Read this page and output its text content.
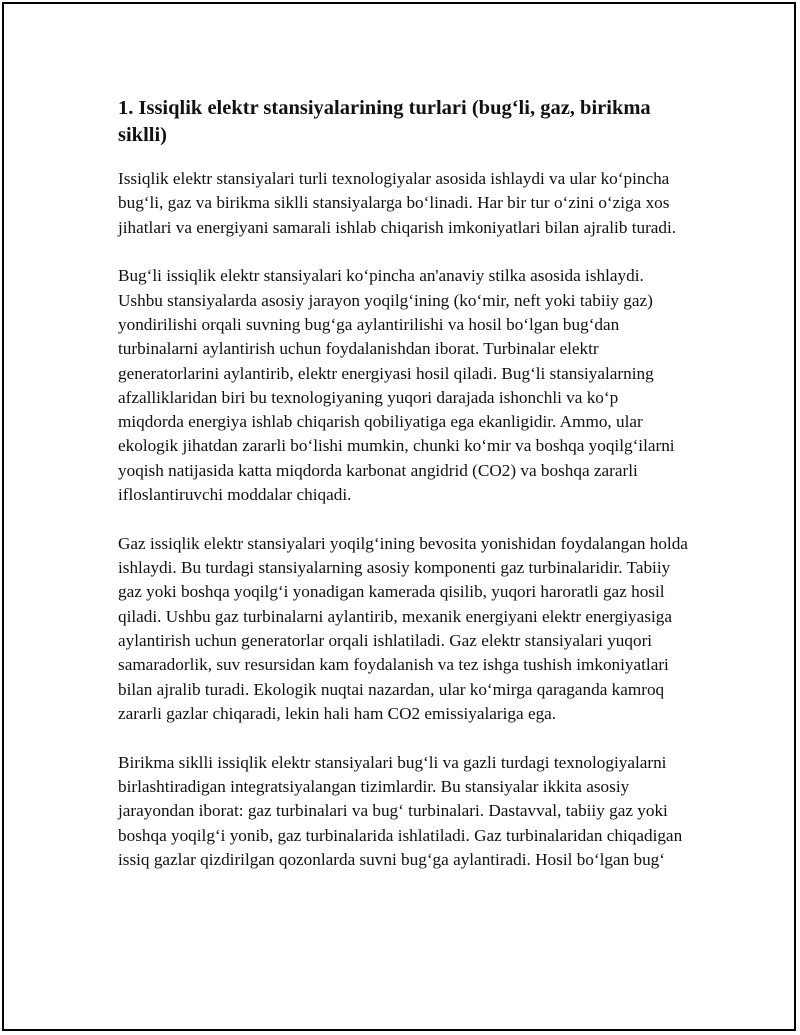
1. Issiqlik elektr stansiyalarining turlari (bug‘li, gaz, birikma siklli)

Issiqlik elektr stansiyalari turli texnologiyalar asosida ishlaydi va ular ko‘pincha bug‘li, gaz va birikma siklli stansiyalarga bo‘linadi. Har bir tur o‘zini o‘ziga xos jihatlari va energiyani samarali ishlab chiqarish imkoniyatlari bilan ajralib turadi.

Bug‘li issiqlik elektr stansiyalari ko‘pincha an'anaviy stilka asosida ishlaydi. Ushbu stansiyalarda asosiy jarayon yoqilg‘ining (ko‘mir, neft yoki tabiiy gaz) yondirilishi orqali suvning bug‘ga aylantirilishi va hosil bo‘lgan bug‘dan turbinalarni aylantirish uchun foydalanishdan iborat. Turbinalar elektr generatorlarini aylantirib, elektr energiyasi hosil qiladi. Bug‘li stansiyalarning afzalliklaridan biri bu texnologiyaning yuqori darajada ishonchli va ko‘p miqdorda energiya ishlab chiqarish qobiliyatiga ega ekanligidir. Ammo, ular ekologik jihatdan zararli bo‘lishi mumkin, chunki ko‘mir va boshqa yoqilg‘ilarni yoqish natijasida katta miqdorda karbonat angidrid (CO2) va boshqa zararli ifloslantiruvchi moddalar chiqadi.

Gaz issiqlik elektr stansiyalari yoqilg‘ining bevosita yonishidan foydalangan holda ishlaydi. Bu turdagi stansiyalarning asosiy komponenti gaz turbinalaridir. Tabiiy gaz yoki boshqa yoqilg‘i yonadigan kamerada qisilib, yuqori haroratli gaz hosil qiladi. Ushbu gaz turbinalarni aylantirib, mexanik energiyani elektr energiyasiga aylantirish uchun generatorlar orqali ishlatiladi. Gaz elektr stansiyalari yuqori samaradorlik, suv resursidan kam foydalanish va tez ishga tushish imkoniyatlari bilan ajralib turadi. Ekologik nuqtai nazardan, ular ko‘mirga qaraganda kamroq zararli gazlar chiqaradi, lekin hali ham CO2 emissiyalariga ega.

Birikma siklli issiqlik elektr stansiyalari bug‘li va gazli turdagi texnologiyalarni birlashtiradigan integratsiyalangan tizimlardir. Bu stansiyalar ikkita asosiy jarayondan iborat: gaz turbinalari va bug‘ turbinalari. Dastavval, tabiiy gaz yoki boshqa yoqilg‘i yonib, gaz turbinalarida ishlatiladi. Gaz turbinalaridan chiqadigan issiq gazlar qizdirilgan qozonlarda suvni bug‘ga aylantiradi. Hosil bo‘lgan bug‘
